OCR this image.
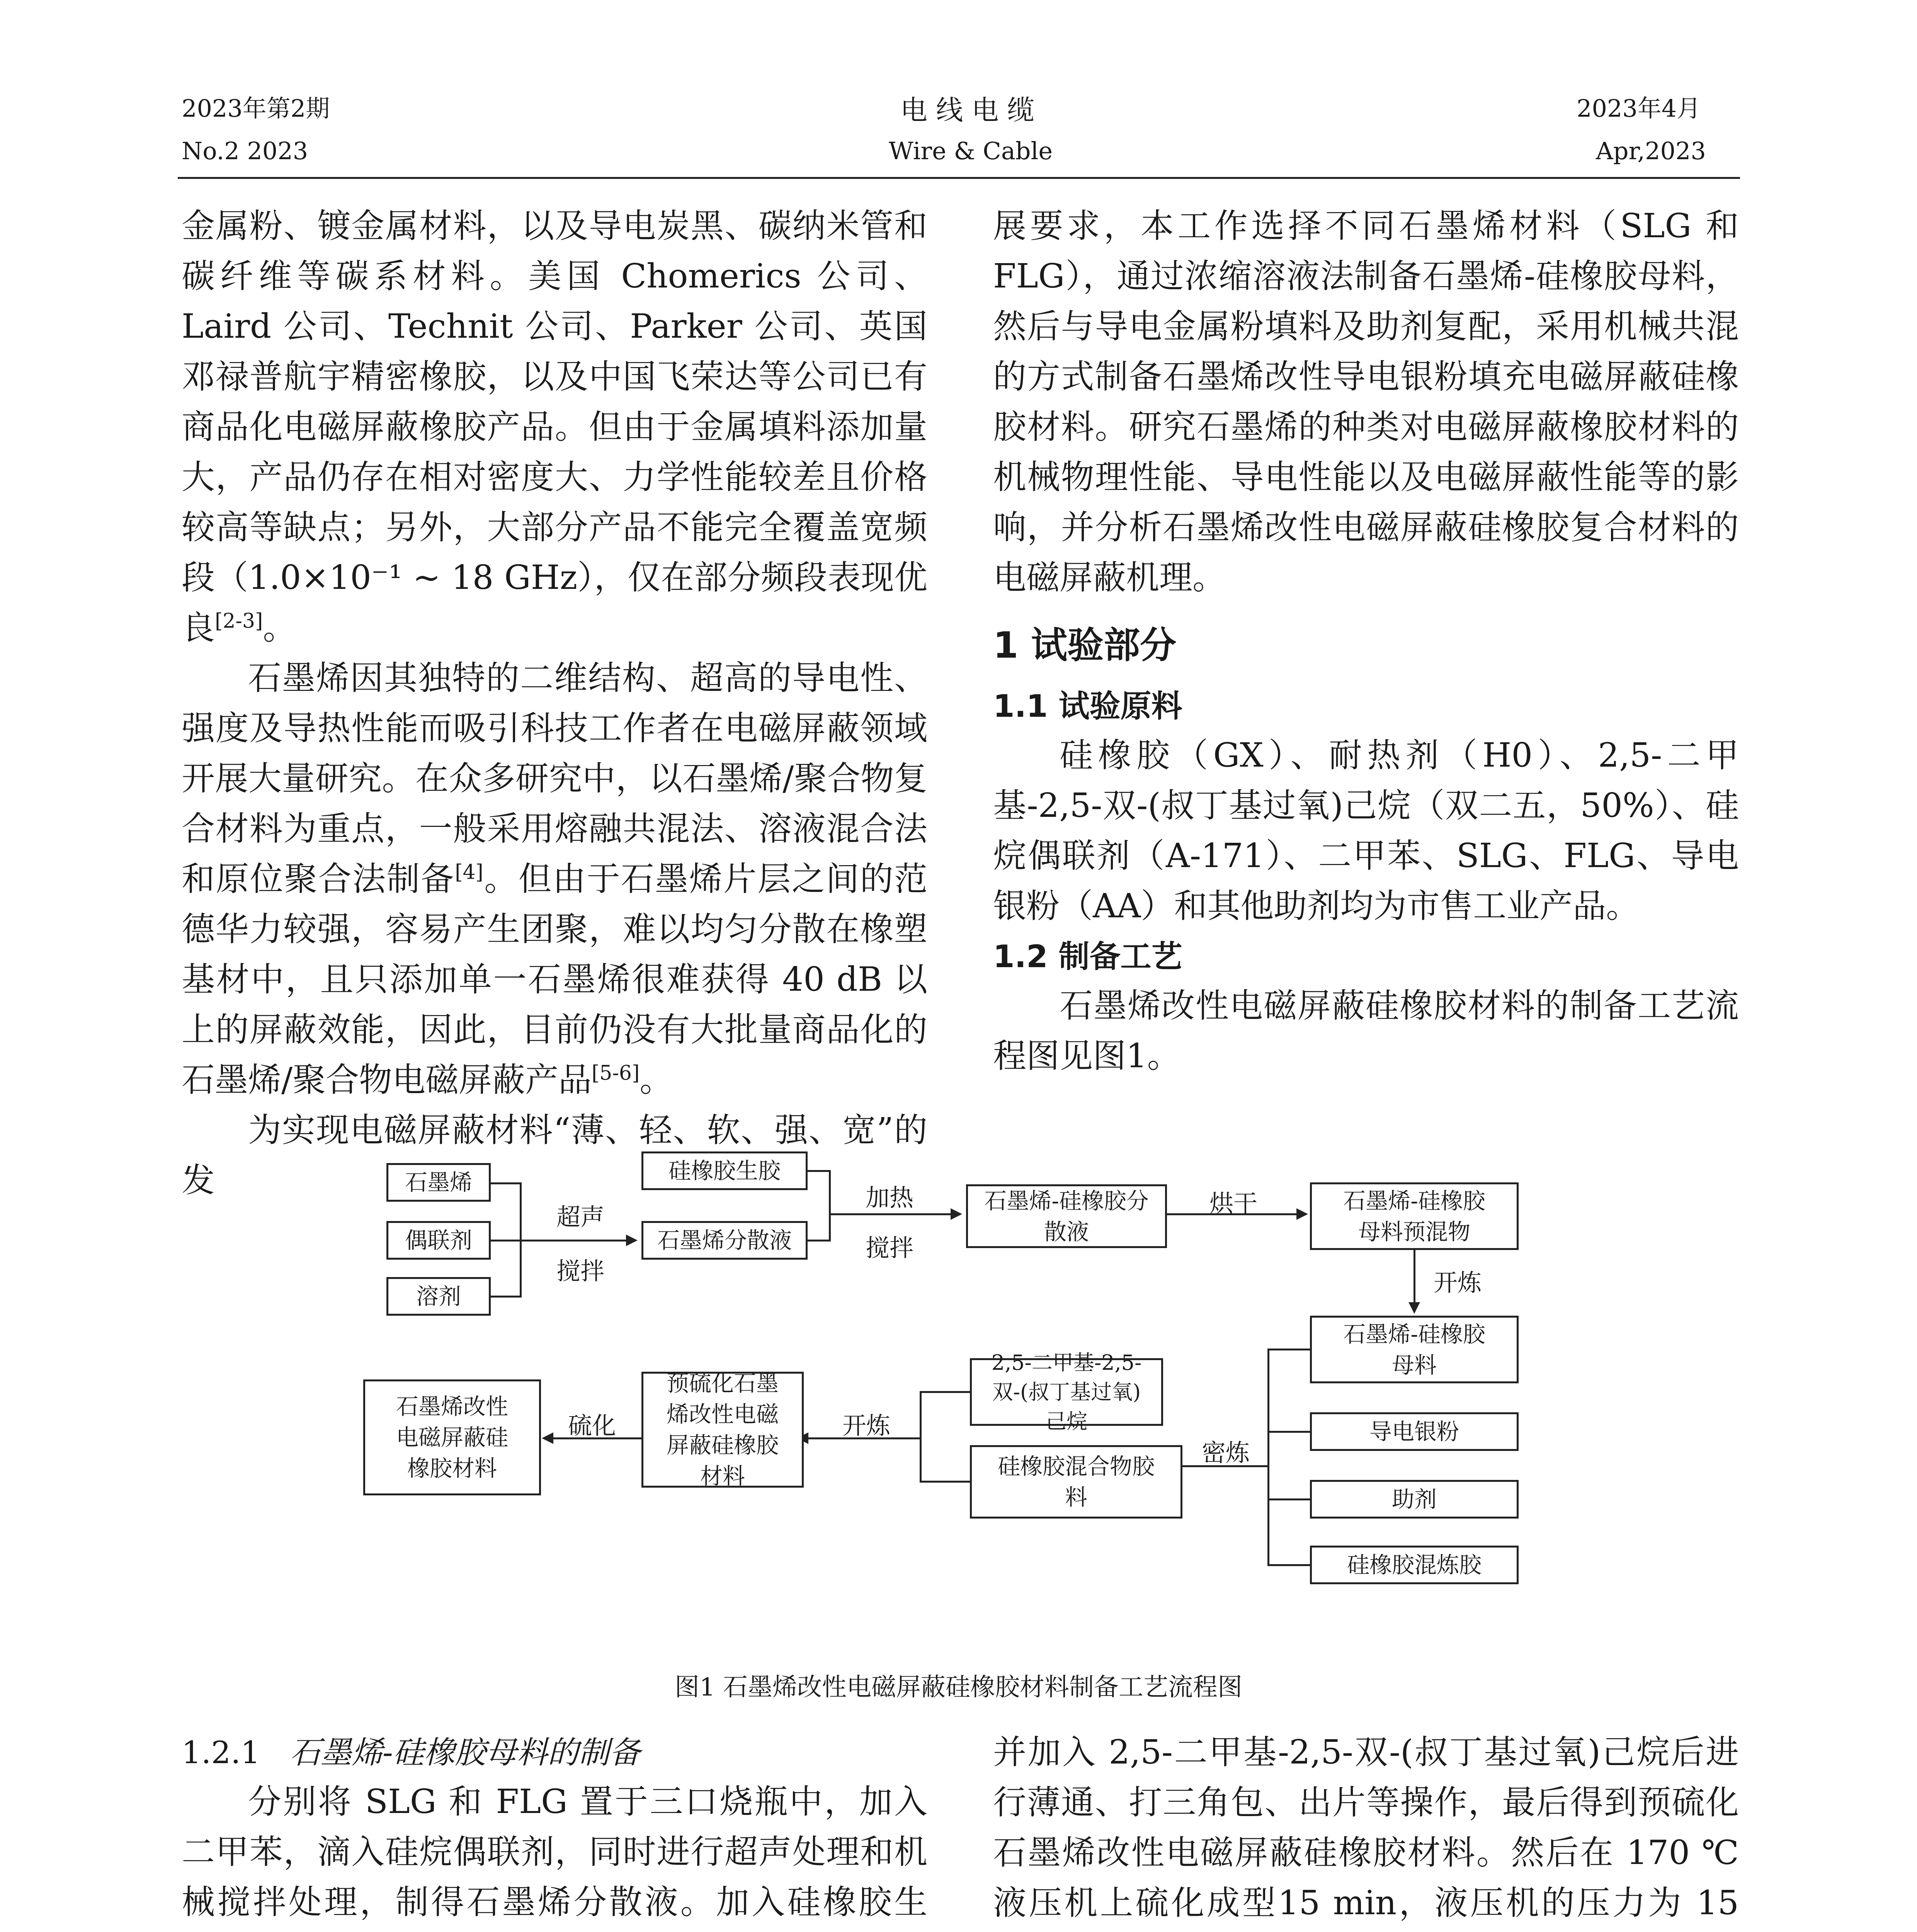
2023年第2期
No.2 2023
电 线 电 缆
Wire & Cable
2023年4月
Apr,2023

金属粉、镀金属材料，以及导电炭黑、碳纳米管和碳纤维等碳系材料。美国 Chomerics 公司、Laird 公司、Technit 公司、Parker 公司、英国邓禄普航宇精密橡胶，以及中国飞荣达等公司已有商品化电磁屏蔽橡胶产品。但由于金属填料添加量大，产品仍存在相对密度大、力学性能较差且价格较高等缺点；另外，大部分产品不能完全覆盖宽频段（1.0×10⁻¹ ~ 18 GHz），仅在部分频段表现优良[2-3]。

石墨烯因其独特的二维结构、超高的导电性、强度及导热性能而吸引科技工作者在电磁屏蔽领域开展大量研究。在众多研究中，以石墨烯/聚合物复合材料为重点，一般采用熔融共混法、溶液混合法和原位聚合法制备[4]。但由于石墨烯片层之间的范德华力较强，容易产生团聚，难以均匀分散在橡塑基材中，且只添加单一石墨烯很难获得 40 dB 以上的屏蔽效能，因此，目前仍没有大批量商品化的石墨烯/聚合物电磁屏蔽产品[5-6]。

为实现电磁屏蔽材料“薄、轻、软、强、宽”的发

展要求，本工作选择不同石墨烯材料（SLG 和 FLG），通过浓缩溶液法制备石墨烯-硅橡胶母料，然后与导电金属粉填料及助剂复配，采用机械共混的方式制备石墨烯改性导电银粉填充电磁屏蔽硅橡胶材料。研究石墨烯的种类对电磁屏蔽橡胶材料的机械物理性能、导电性能以及电磁屏蔽性能等的影响，并分析石墨烯改性电磁屏蔽硅橡胶复合材料的电磁屏蔽机理。

1 试验部分
1.1 试验原料

硅橡胶（GX）、耐热剂（H0）、2,5-二甲基-2,5-双-(叔丁基过氧)己烷（双二五，50%）、硅烷偶联剂（A-171）、二甲苯、SLG、FLG、导电银粉（AA）和其他助剂均为市售工业产品。

1.2 制备工艺

石墨烯改性电磁屏蔽硅橡胶材料的制备工艺流程图见图1。

石墨烯
偶联剂
溶剂
超声
搅拌
硅橡胶生胶
石墨烯分散液
加热
搅拌
石墨烯-硅橡胶分散液
烘干	石墨烯-硅橡胶母料预混物
开炼
石墨烯-硅橡胶母料
导电银粉
助剂
硅橡胶混炼胶
密炼
2,5-二甲基-2,5-双-(叔丁基过氧)己烷
硅橡胶混合物胶料
开炼
预硫化石墨烯改性电磁屏蔽硅橡胶材料
硫化
石墨烯改性电磁屏蔽硅橡胶材料
图1 石墨烯改性电磁屏蔽硅橡胶材料制备工艺流程图
1.2.1 石墨烯-硅橡胶母料的制备

分别将 SLG 和 FLG 置于三口烧瓶中，加入二甲苯，滴入硅烷偶联剂，同时进行超声处理和机械搅拌处理，制得石墨烯分散液。加入硅橡胶生

并加入 2,5-二甲基-2,5-双-(叔丁基过氧)己烷后进行薄通、打三角包、出片等操作，最后得到预硫化石墨烯改性电磁屏蔽硅橡胶材料。然后在 170 ℃液压机上硫化成型15 min，液压机的压力为 15
